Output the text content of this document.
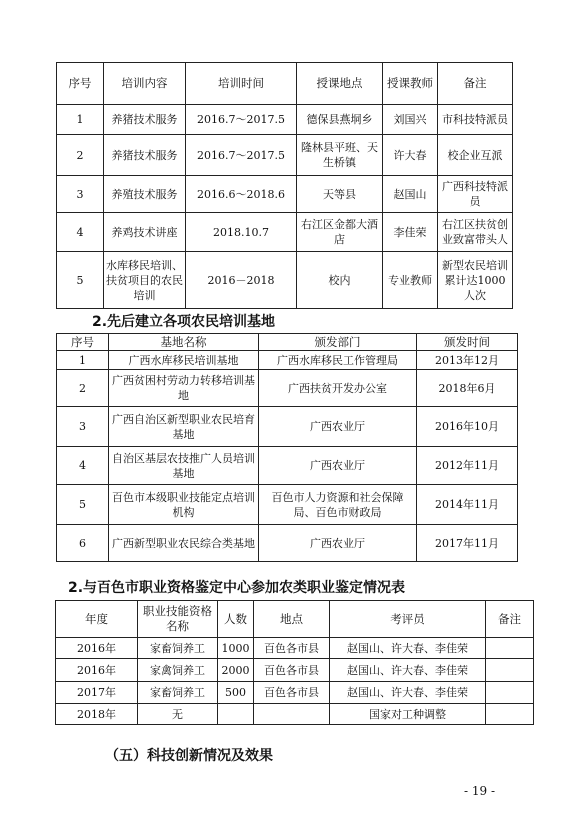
序号	培训内容	培训时间	授课地点	授课教师	备注
1	养猪技术服务	2016.7～2017.5	德保县燕垌乡	刘国兴	市科技特派员
2	养猪技术服务	2016.7～2017.5	隆林县平班、天生桥镇	许大春	校企业互派
3	养殖技术服务	2016.6～2018.6	天等县	赵国山	广西科技特派员
4	养鸡技术讲座	2018.10.7	右江区金都大酒店	李佳荣	右江区扶贫创业致富带头人
5	水库移民培训、扶贫项目的农民培训	2016－2018	校内	专业教师	新型农民培训累计达1000人次
2.先后建立各项农民培训基地
序号	基地名称	颁发部门	颁发时间
1	广西水库移民培训基地	广西水库移民工作管理局	2013年12月
2	广西贫困村劳动力转移培训基地	广西扶贫开发办公室	2018年6月
3	广西自治区新型职业农民培育基地	广西农业厅	2016年10月
4	自治区基层农技推广人员培训基地	广西农业厅	2012年11月
5	百色市本级职业技能定点培训机构	百色市人力资源和社会保障局、百色市财政局	2014年11月
6	广西新型职业农民综合类基地	广西农业厅	2017年11月
2.与百色市职业资格鉴定中心参加农类职业鉴定情况表
年度	职业技能资格名称	人数	地点	考评员	备注
2016年	家畜饲养工	1000	百色各市县	赵国山、许大春、李佳荣	
2016年	家禽饲养工	2000	百色各市县	赵国山、许大春、李佳荣	
2017年	家畜饲养工	500	百色各市县	赵国山、许大春、李佳荣	
2018年	无			国家对工种调整	
（五）科技创新情况及效果
- 19 -
